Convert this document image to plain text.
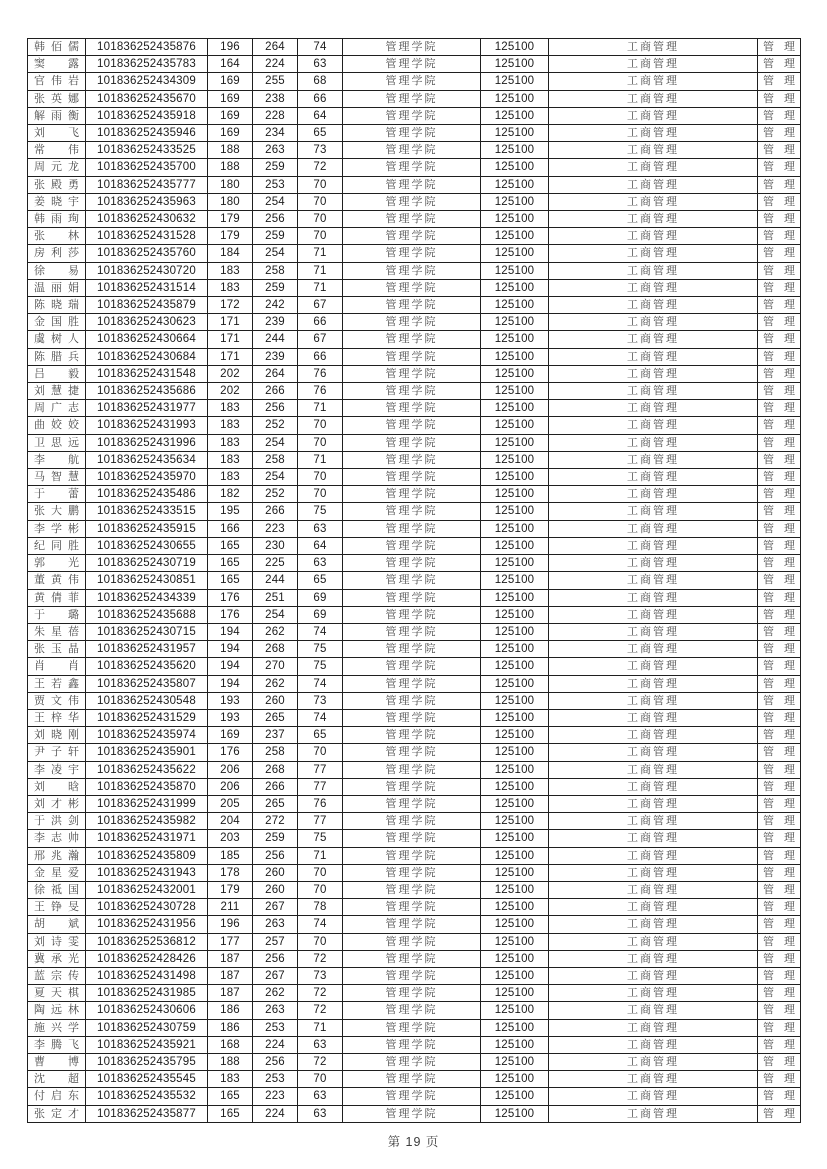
韩佰儒	101836252435876	196	264	74	管理学院	125100	工商管理	管理
窦露	101836252435783	164	224	63	管理学院	125100	工商管理	管理
官伟岩	101836252434309	169	255	68	管理学院	125100	工商管理	管理
张英娜	101836252435670	169	238	66	管理学院	125100	工商管理	管理
解雨衡	101836252435918	169	228	64	管理学院	125100	工商管理	管理
刘飞	101836252435946	169	234	65	管理学院	125100	工商管理	管理
常伟	101836252433525	188	263	73	管理学院	125100	工商管理	管理
周元龙	101836252435700	188	259	72	管理学院	125100	工商管理	管理
张殿勇	101836252435777	180	253	70	管理学院	125100	工商管理	管理
姜晓宇	101836252435963	180	254	70	管理学院	125100	工商管理	管理
韩雨珣	101836252430632	179	256	70	管理学院	125100	工商管理	管理
张林	101836252431528	179	259	70	管理学院	125100	工商管理	管理
房利莎	101836252435760	184	254	71	管理学院	125100	工商管理	管理
徐易	101836252430720	183	258	71	管理学院	125100	工商管理	管理
温丽娟	101836252431514	183	259	71	管理学院	125100	工商管理	管理
陈晓瑞	101836252435879	172	242	67	管理学院	125100	工商管理	管理
金国胜	101836252430623	171	239	66	管理学院	125100	工商管理	管理
虞树人	101836252430664	171	244	67	管理学院	125100	工商管理	管理
陈腊兵	101836252430684	171	239	66	管理学院	125100	工商管理	管理
吕毅	101836252431548	202	264	76	管理学院	125100	工商管理	管理
刘慧捷	101836252435686	202	266	76	管理学院	125100	工商管理	管理
周广志	101836252431977	183	256	71	管理学院	125100	工商管理	管理
曲姣姣	101836252431993	183	252	70	管理学院	125100	工商管理	管理
卫思远	101836252431996	183	254	70	管理学院	125100	工商管理	管理
李航	101836252435634	183	258	71	管理学院	125100	工商管理	管理
马智慧	101836252435970	183	254	70	管理学院	125100	工商管理	管理
于蕾	101836252435486	182	252	70	管理学院	125100	工商管理	管理
张大鹏	101836252433515	195	266	75	管理学院	125100	工商管理	管理
李学彬	101836252435915	166	223	63	管理学院	125100	工商管理	管理
纪同胜	101836252430655	165	230	64	管理学院	125100	工商管理	管理
郭光	101836252430719	165	225	63	管理学院	125100	工商管理	管理
董黄伟	101836252430851	165	244	65	管理学院	125100	工商管理	管理
黄倩菲	101836252434339	176	251	69	管理学院	125100	工商管理	管理
于璐	101836252435688	176	254	69	管理学院	125100	工商管理	管理
朱星蓓	101836252430715	194	262	74	管理学院	125100	工商管理	管理
张玉晶	101836252431957	194	268	75	管理学院	125100	工商管理	管理
肖肖	101836252435620	194	270	75	管理学院	125100	工商管理	管理
王若鑫	101836252435807	194	262	74	管理学院	125100	工商管理	管理
贾文伟	101836252430548	193	260	73	管理学院	125100	工商管理	管理
王梓华	101836252431529	193	265	74	管理学院	125100	工商管理	管理
刘晓刚	101836252435974	169	237	65	管理学院	125100	工商管理	管理
尹子轩	101836252435901	176	258	70	管理学院	125100	工商管理	管理
李凌宇	101836252435622	206	268	77	管理学院	125100	工商管理	管理
刘晗	101836252435870	206	266	77	管理学院	125100	工商管理	管理
刘才彬	101836252431999	205	265	76	管理学院	125100	工商管理	管理
于洪剑	101836252435982	204	272	77	管理学院	125100	工商管理	管理
李志帅	101836252431971	203	259	75	管理学院	125100	工商管理	管理
邢兆瀚	101836252435809	185	256	71	管理学院	125100	工商管理	管理
金星爱	101836252431943	178	260	70	管理学院	125100	工商管理	管理
徐祗国	101836252432001	179	260	70	管理学院	125100	工商管理	管理
王铮旻	101836252430728	211	267	78	管理学院	125100	工商管理	管理
胡斌	101836252431956	196	263	74	管理学院	125100	工商管理	管理
刘诗雯	101836252536812	177	257	70	管理学院	125100	工商管理	管理
冀承光	101836252428426	187	256	72	管理学院	125100	工商管理	管理
蓝宗传	101836252431498	187	267	73	管理学院	125100	工商管理	管理
夏天棋	101836252431985	187	262	72	管理学院	125100	工商管理	管理
陶远林	101836252430606	186	263	72	管理学院	125100	工商管理	管理
施兴学	101836252430759	186	253	71	管理学院	125100	工商管理	管理
李腾飞	101836252435921	168	224	63	管理学院	125100	工商管理	管理
曹博	101836252435795	188	256	72	管理学院	125100	工商管理	管理
沈超	101836252435545	183	253	70	管理学院	125100	工商管理	管理
付启东	101836252435532	165	223	63	管理学院	125100	工商管理	管理
张定才	101836252435877	165	224	63	管理学院	125100	工商管理	管理
第 19 页
